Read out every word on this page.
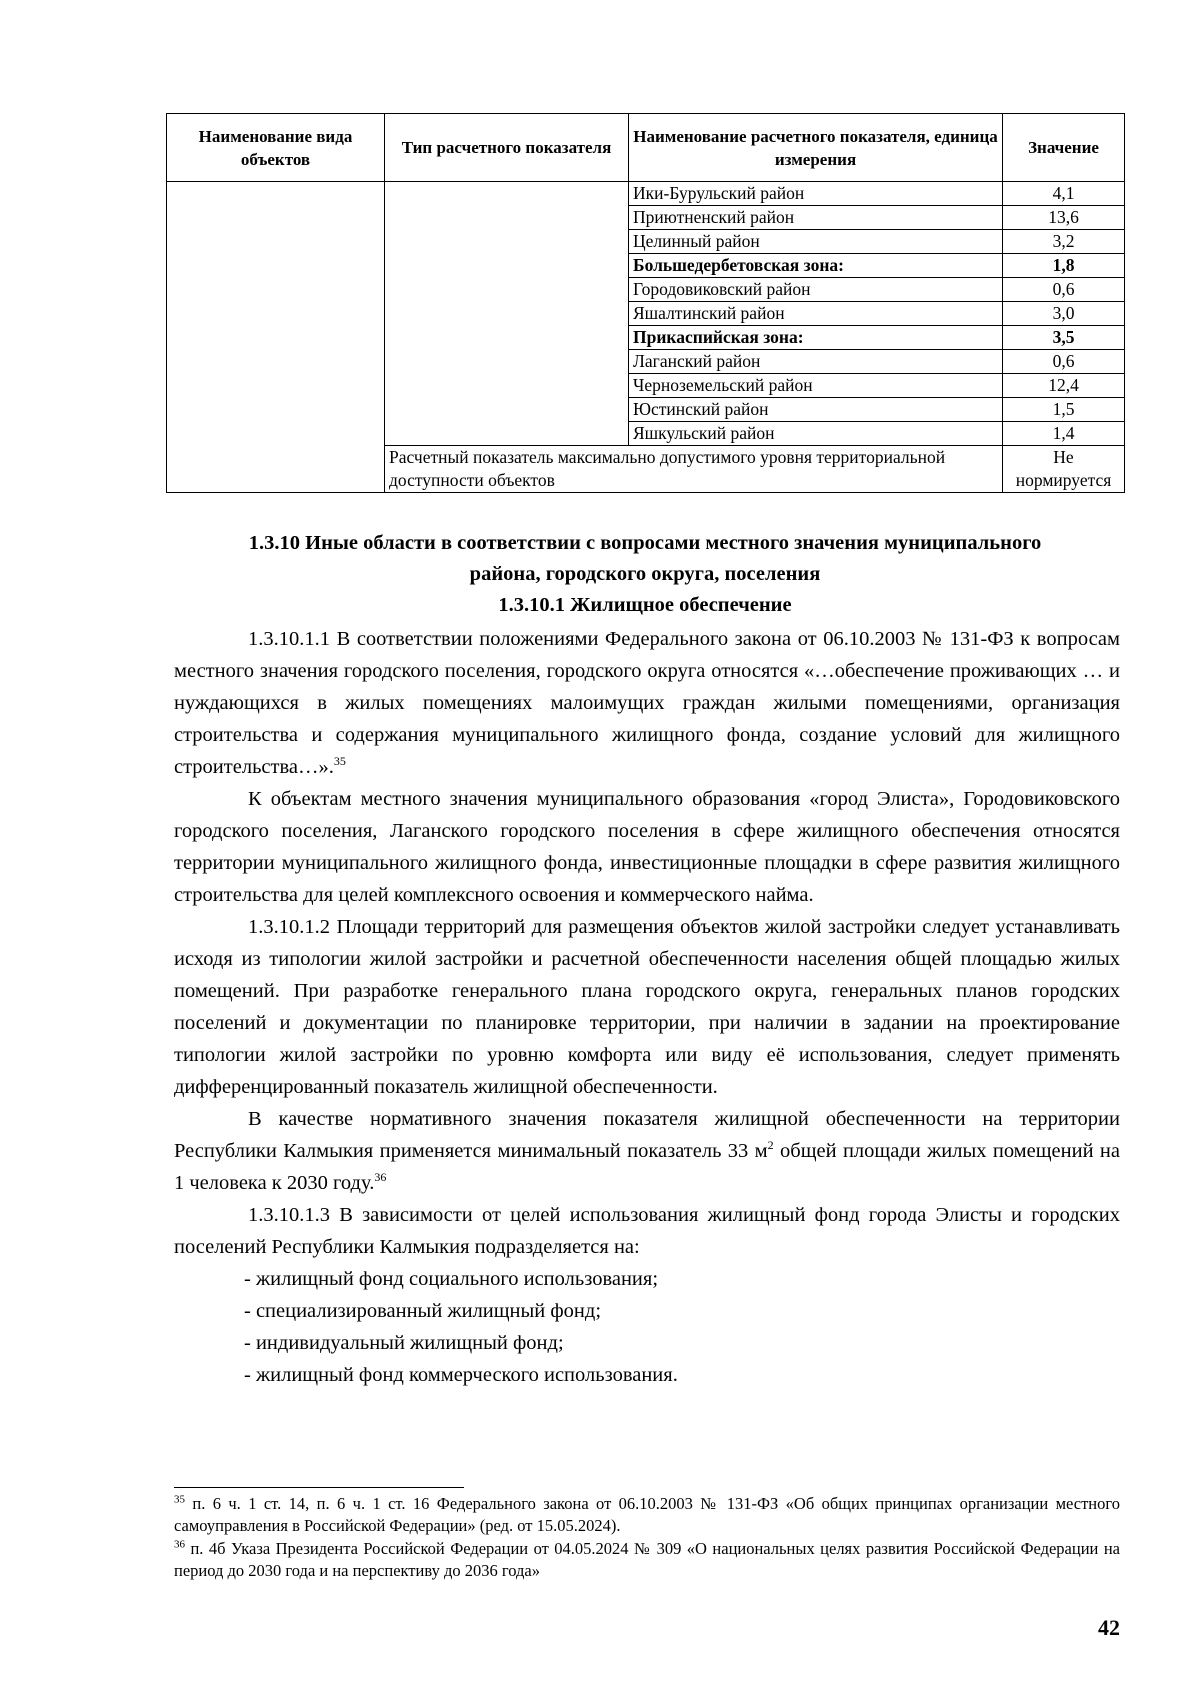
Наименование вида объектов	Тип расчетного показателя	Наименование расчетного показателя, единица измерения	Значение
		Ики-Бурульский район	4,1
		Приютненский район	13,6
		Целинный район	3,2
		Большедербетовская зона:	1,8
		Городовиковский район	0,6
		Яшалтинский район	3,0
		Прикаспийская зона:	3,5
		Лаганский район	0,6
		Черноземельский район	12,4
		Юстинский район	1,5
		Яшкульский район	1,4
	Расчетный показатель максимально допустимого уровня территориальной доступности объектов		Не нормируется
1.3.10 Иные области в соответствии с вопросами местного значения муниципального
района, городского округа, поселения
1.3.10.1 Жилищное обеспечение

1.3.10.1.1 В соответствии положениями Федерального закона от 06.10.2003 № 131-ФЗ к вопросам местного значения городского поселения, городского округа относятся «…обеспечение проживающих … и нуждающихся в жилых помещениях малоимущих граждан жилыми помещениями, организация строительства и содержания муниципального жилищного фонда, создание условий для жилищного строительства…».$^{35}$

К объектам местного значения муниципального образования «город Элиста», Городовиковского городского поселения, Лаганского городского поселения в сфере жилищного обеспечения относятся территории муниципального жилищного фонда, инвестиционные площадки в сфере развития жилищного строительства для целей комплексного освоения и коммерческого найма.

1.3.10.1.2 Площади территорий для размещения объектов жилой застройки следует устанавливать исходя из типологии жилой застройки и расчетной обеспеченности населения общей площадью жилых помещений. При разработке генерального плана городского округа, генеральных планов городских поселений и документации по планировке территории, при наличии в задании на проектирование типологии жилой застройки по уровню комфорта или виду её использования, следует применять дифференцированный показатель жилищной обеспеченности.

В качестве нормативного значения показателя жилищной обеспеченности на территории Республики Калмыкия применяется минимальный показатель 33 $м^2$ общей площади жилых помещений на 1 человека к 2030 году.$^{36}$

1.3.10.1.3 В зависимости от целей использования жилищный фонд города Элисты и городских поселений Республики Калмыкия подразделяется на:

- жилищный фонд социального использования;

- специализированный жилищный фонд;

- индивидуальный жилищный фонд;

- жилищный фонд коммерческого использования.

$^{35}$ п. 6 ч. 1 ст. 14, п. 6 ч. 1 ст. 16 Федерального закона от 06.10.2003 № 131-ФЗ «Об общих принципах организации местного самоуправления в Российской Федерации» (ред. от 15.05.2024).

$^{36}$ п. 4б Указа Президента Российской Федерации от 04.05.2024 № 309 «О национальных целях развития Российской Федерации на период до 2030 года и на перспективу до 2036 года»

42
